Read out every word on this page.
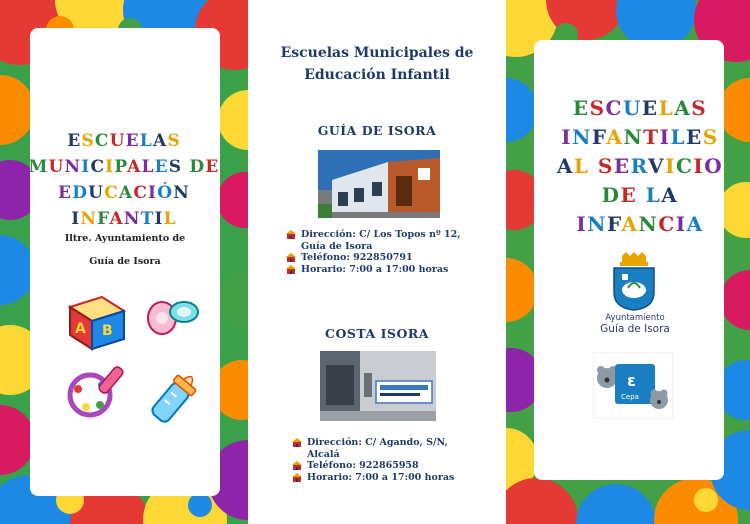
ESCUELAS
MUNICIPALES DE
EDUCACIÓN
INFANTIL
Iltre. Ayuntamiento de
Guía de Isora
A B
Escuelas Municipales de
Educación Infantil
GUÍA DE ISORA
Dirección: C/ Los Topos nº 12,
Guía de Isora
Teléfono: 922850791
Horario: 7:00 a 17:00 horas
COSTA ISORA
Dirección: C/ Agando, S/N,
Alcalá
Teléfono: 922865958
Horario: 7:00 a 17:00 horas
ESCUELAS
INFANTILES
AL SERVICIO
DE LA
INFANCIA
Ayuntamiento
Guía de Isora
ε
Cepa
